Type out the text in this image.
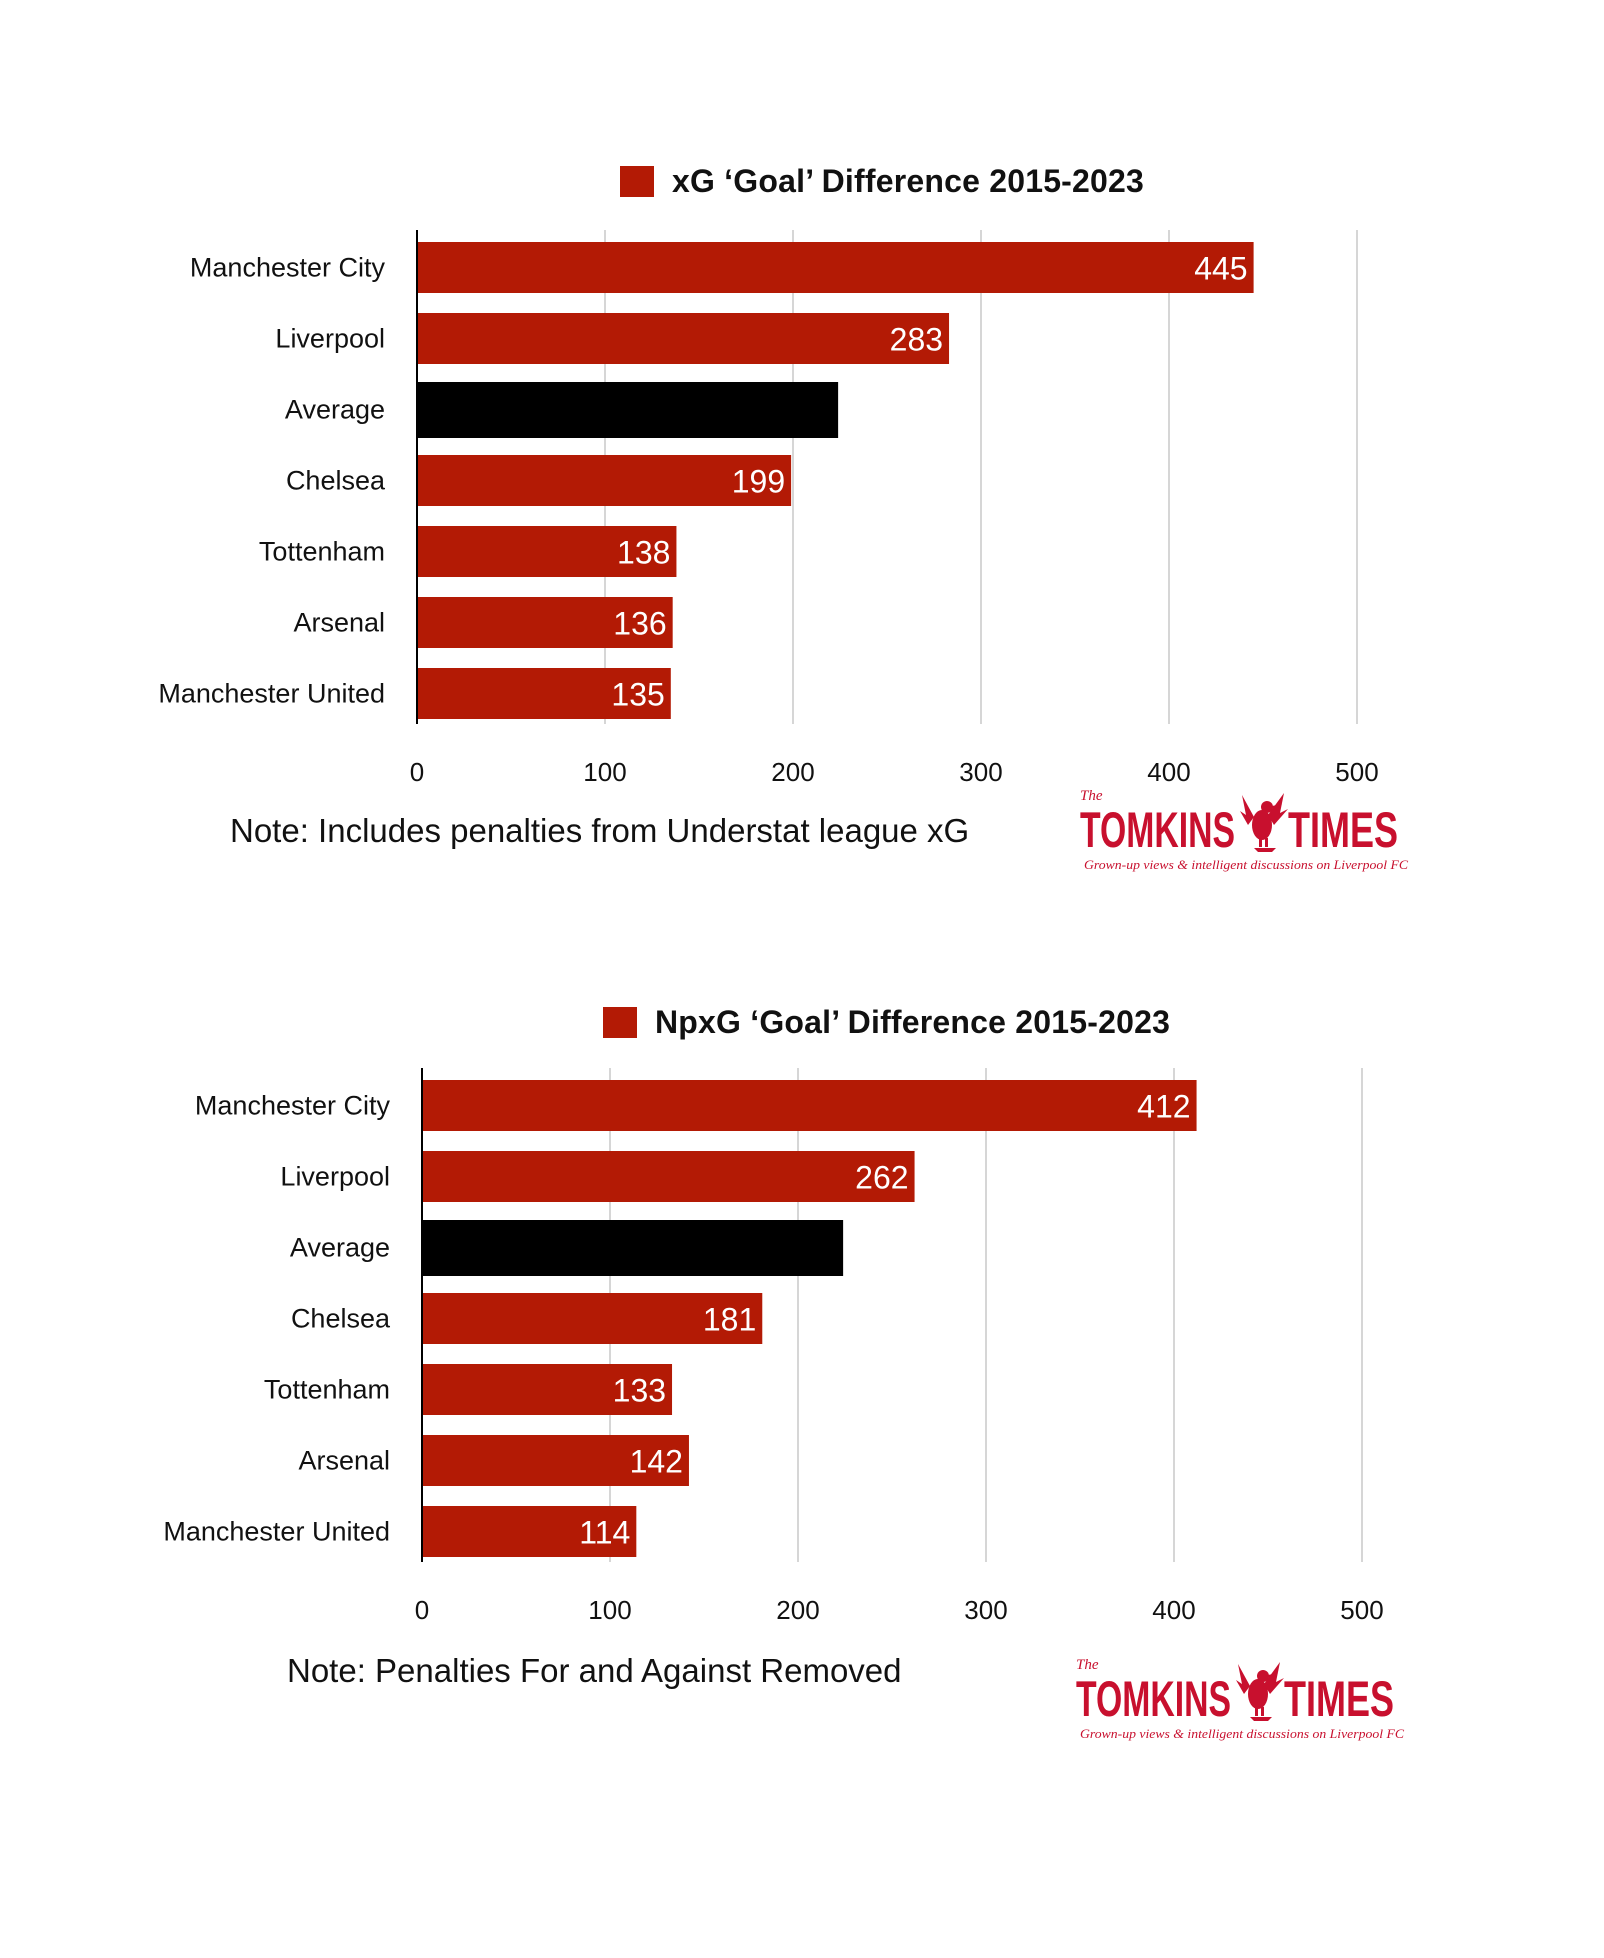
xG ‘Goal’ Difference 2015-2023
Manchester City	445
Liverpool	283
Average
Chelsea	199
Tottenham	138
Arsenal	136
Manchester United	135
0	100	200	300	400	500
Note: Includes penalties from Understat league xG
The
TOMKINS TIMES
Grown-up views & intelligent discussions on Liverpool FC
NpxG ‘Goal’ Difference 2015-2023
Manchester City	412
Liverpool	262
Average
Chelsea	181
Tottenham	133
Arsenal	142
Manchester United	114
0	100	200	300	400	500
Note: Penalties For and Against Removed	The
TOMKINS TIMES
Grown-up views & intelligent discussions on Liverpool FC
